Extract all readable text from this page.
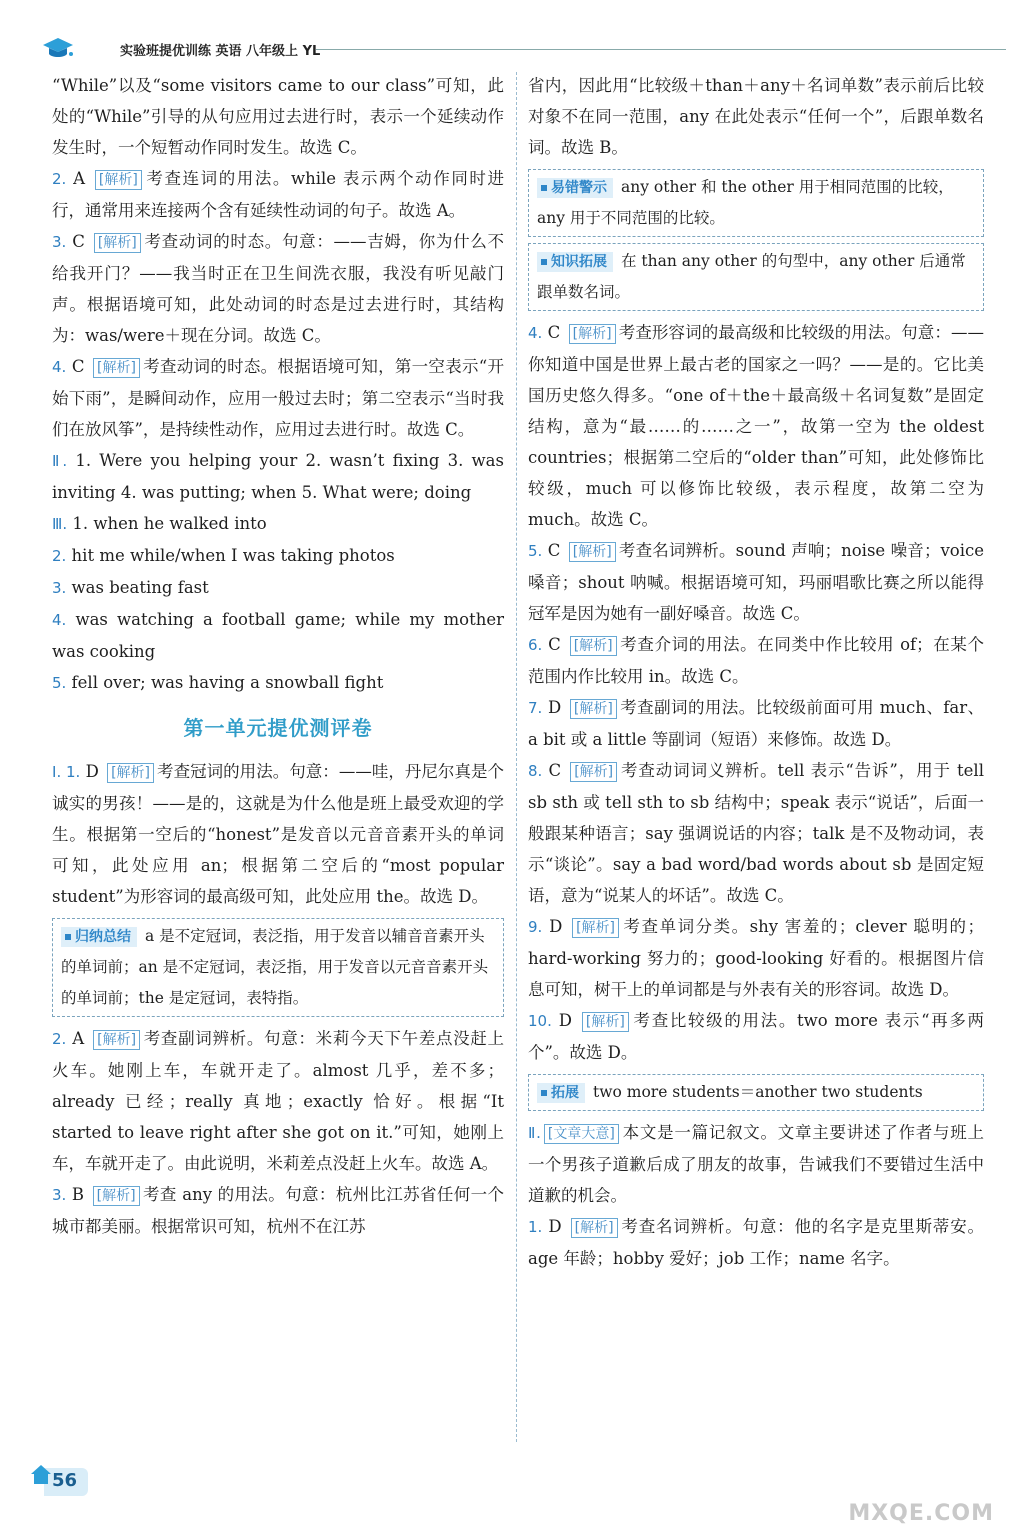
实验班提优训练 英语 八年级上 YL

“While”以及“some visitors came to our class”可知，此处的“While”引导的从句应用过去进行时，表示一个延续动作发生时，一个短暂动作同时发生。故选 C。

2. A [解析] 考查连词的用法。while 表示两个动作同时进行，通常用来连接两个含有延续性动词的句子。故选 A。

3. C [解析] 考查动词的时态。句意：——吉姆，你为什么不给我开门？——我当时正在卫生间洗衣服，我没有听见敲门声。根据语境可知，此处动词的时态是过去进行时，其结构为：was/were＋现在分词。故选 C。

4. C [解析] 考查动词的时态。根据语境可知，第一空表示“开始下雨”，是瞬间动作，应用一般过去时；第二空表示“当时我们在放风筝”，是持续性动作，应用过去进行时。故选 C。

Ⅱ. 1. Were you helping your 2. wasn’t fixing 3. was inviting 4. was putting; when 5. What were; doing

Ⅲ. 1. when he walked into

2. hit me while/when I was taking photos

3. was beating fast

4. was watching a football game; while my mother was cooking

5. fell over; was having a snowball fight

第一单元提优测评卷

Ⅰ. 1. D [解析] 考查冠词的用法。句意：——哇，丹尼尔真是个诚实的男孩！——是的，这就是为什么他是班上最受欢迎的学生。根据第一空后的“honest”是发音以元音音素开头的单词可知，此处应用 an；根据第二空后的“most popular student”为形容词的最高级可知，此处应用 the。故选 D。

归纳总结 a 是不定冠词，表泛指，用于发音以辅音音素开头的单词前；an 是不定冠词，表泛指，用于发音以元音音素开头的单词前；the 是定冠词，表特指。

2. A [解析] 考查副词辨析。句意：米莉今天下午差点没赶上火车。她刚上车，车就开走了。almost 几乎，差不多；already 已经；really 真地；exactly 恰好。根据“It started to leave right after she got on it.”可知，她刚上车，车就开走了。由此说明，米莉差点没赶上火车。故选 A。

3. B [解析] 考查 any 的用法。句意：杭州比江苏省任何一个城市都美丽。根据常识可知，杭州不在江苏

省内，因此用“比较级＋than＋any＋名词单数”表示前后比较对象不在同一范围，any 在此处表示“任何一个”，后跟单数名词。故选 B。

易错警示 any other 和 the other 用于相同范围的比较，any 用于不同范围的比较。
知识拓展 在 than any other 的句型中，any other 后通常跟单数名词。

4. C [解析] 考查形容词的最高级和比较级的用法。句意：——你知道中国是世界上最古老的国家之一吗？——是的。它比美国历史悠久得多。“one of＋the＋最高级＋名词复数”是固定结构，意为“最……的……之一”，故第一空为 the oldest countries；根据第二空后的“older than”可知，此处修饰比较级，much 可以修饰比较级，表示程度，故第二空为 much。故选 C。

5. C [解析] 考查名词辨析。sound 声响；noise 噪音；voice 嗓音；shout 呐喊。根据语境可知，玛丽唱歌比赛之所以能得冠军是因为她有一副好嗓音。故选 C。

6. C [解析] 考查介词的用法。在同类中作比较用 of；在某个范围内作比较用 in。故选 C。

7. D [解析] 考查副词的用法。比较级前面可用 much、far、a bit 或 a little 等副词（短语）来修饰。故选 D。

8. C [解析] 考查动词词义辨析。tell 表示“告诉”，用于 tell sb sth 或 tell sth to sb 结构中；speak 表示“说话”，后面一般跟某种语言；say 强调说话的内容；talk 是不及物动词，表示“谈论”。say a bad word/bad words about sb 是固定短语，意为“说某人的坏话”。故选 C。

9. D [解析] 考查单词分类。shy 害羞的；clever 聪明的；hard-working 努力的；good-looking 好看的。根据图片信息可知，树干上的单词都是与外表有关的形容词。故选 D。

10. D [解析] 考查比较级的用法。two more 表示“再多两个”。故选 D。

拓展 two more students＝another two students

Ⅱ. [文章大意] 本文是一篇记叙文。文章主要讲述了作者与班上一个男孩子道歉后成了朋友的故事，告诫我们不要错过生活中道歉的机会。

1. D [解析] 考查名词辨析。句意：他的名字是克里斯蒂安。age 年龄；hobby 爱好；job 工作；name 名字。

56
MXQE.COM
